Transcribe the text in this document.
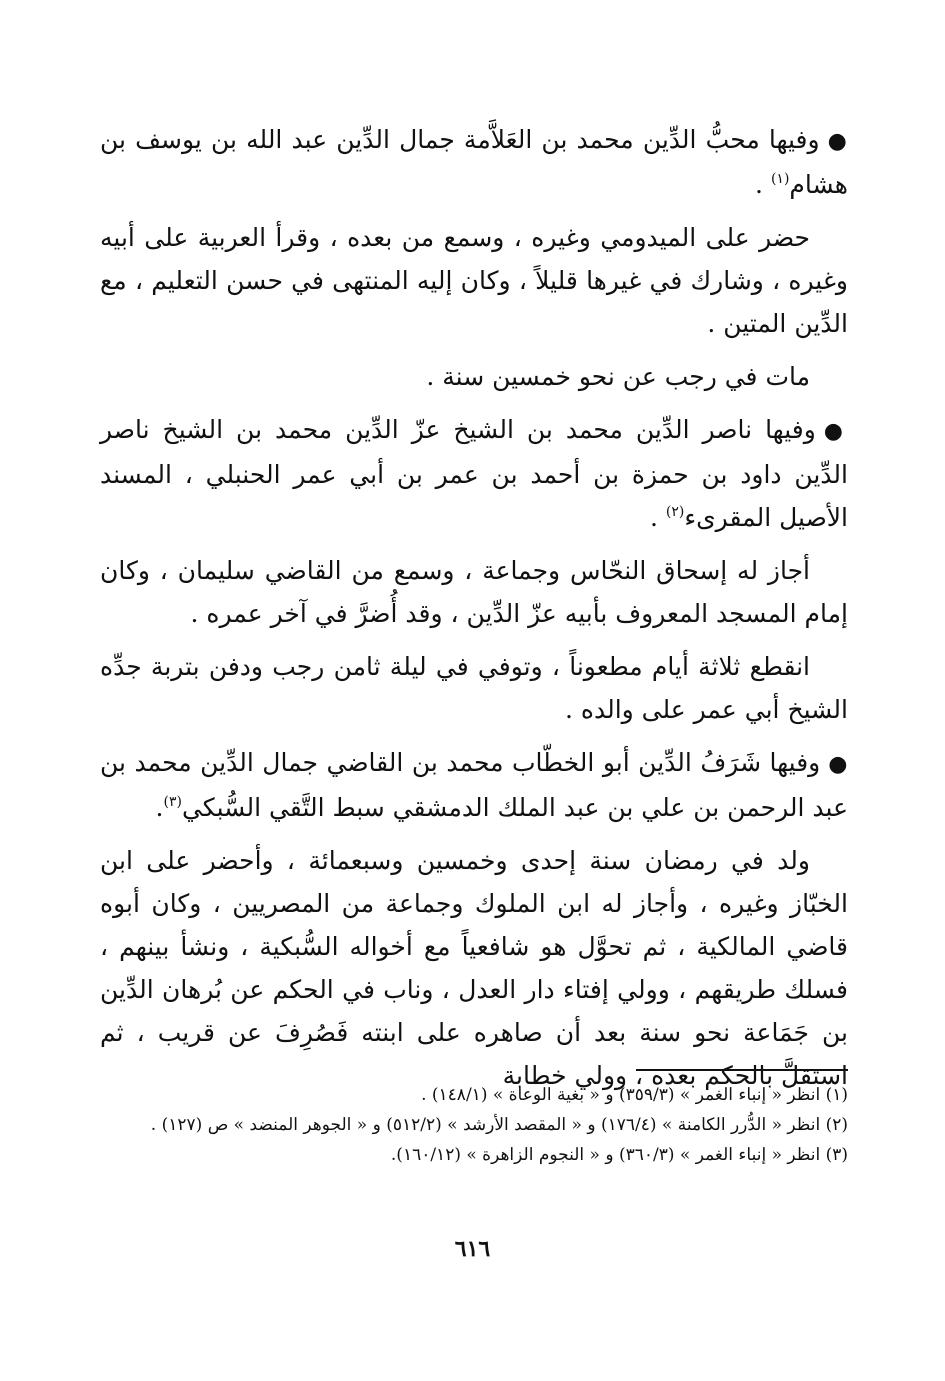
●وفيها محبُّ الدِّين محمد بن العَلاَّمة جمال الدِّين عبد الله بن يوسف بن هشام$^{(١)}$ .

حضر على الميدومي وغيره ، وسمع من بعده ، وقرأ العربية على أبيه وغيره ، وشارك في غيرها قليلاً ، وكان إليه المنتهى في حسن التعليم ، مع الدِّين المتين .

مات في رجب عن نحو خمسين سنة .

●وفيها ناصر الدِّين محمد بن الشيخ عزّ الدِّين محمد بن الشيخ ناصر الدِّين داود بن حمزة بن أحمد بن عمر بن أبي عمر الحنبلي ، المسند الأصيل المقرىء$^{(٢)}$ .

أجاز له إسحاق النحّاس وجماعة ، وسمع من القاضي سليمان ، وكان إمام المسجد المعروف بأبيه عزّ الدِّين ، وقد أُضرَّ في آخر عمره .

انقطع ثلاثة أيام مطعوناً ، وتوفي في ليلة ثامن رجب ودفن بتربة جدِّه الشيخ أبي عمر على والده .

●وفيها شَرَفُ الدِّين أبو الخطّاب محمد بن القاضي جمال الدِّين محمد بن عبد الرحمن بن علي بن عبد الملك الدمشقي سبط التَّقي السُّبكي$^{(٣)}$.

ولد في رمضان سنة إحدى وخمسين وسبعمائة ، وأحضر على ابن الخبّاز وغيره ، وأجاز له ابن الملوك وجماعة من المصريين ، وكان أبوه قاضي المالكية ، ثم تحوَّل هو شافعياً مع أخواله السُّبكية ، ونشأ بينهم ، فسلك طريقهم ، وولي إفتاء دار العدل ، وناب في الحكم عن بُرهان الدِّين بن جَمَاعة نحو سنة بعد أن صاهره على ابنته فَصُرِفَ عن قريب ، ثم استقلَّ بالحكم بعده ، وولي خطابة

(١) انظر « إنباء الغمر » (٣٥٩/٣) و « بغية الوعاة » (١٤٨/١) .

(٢) انظر « الدُّرر الكامنة » (١٧٦/٤) و « المقصد الأرشد » (٥١٢/٢) و « الجوهر المنضد » ص (١٢٧) .

(٣) انظر « إنباء الغمر » (٣٦٠/٣) و « النجوم الزاهرة » (١٦٠/١٢).

٦١٦
